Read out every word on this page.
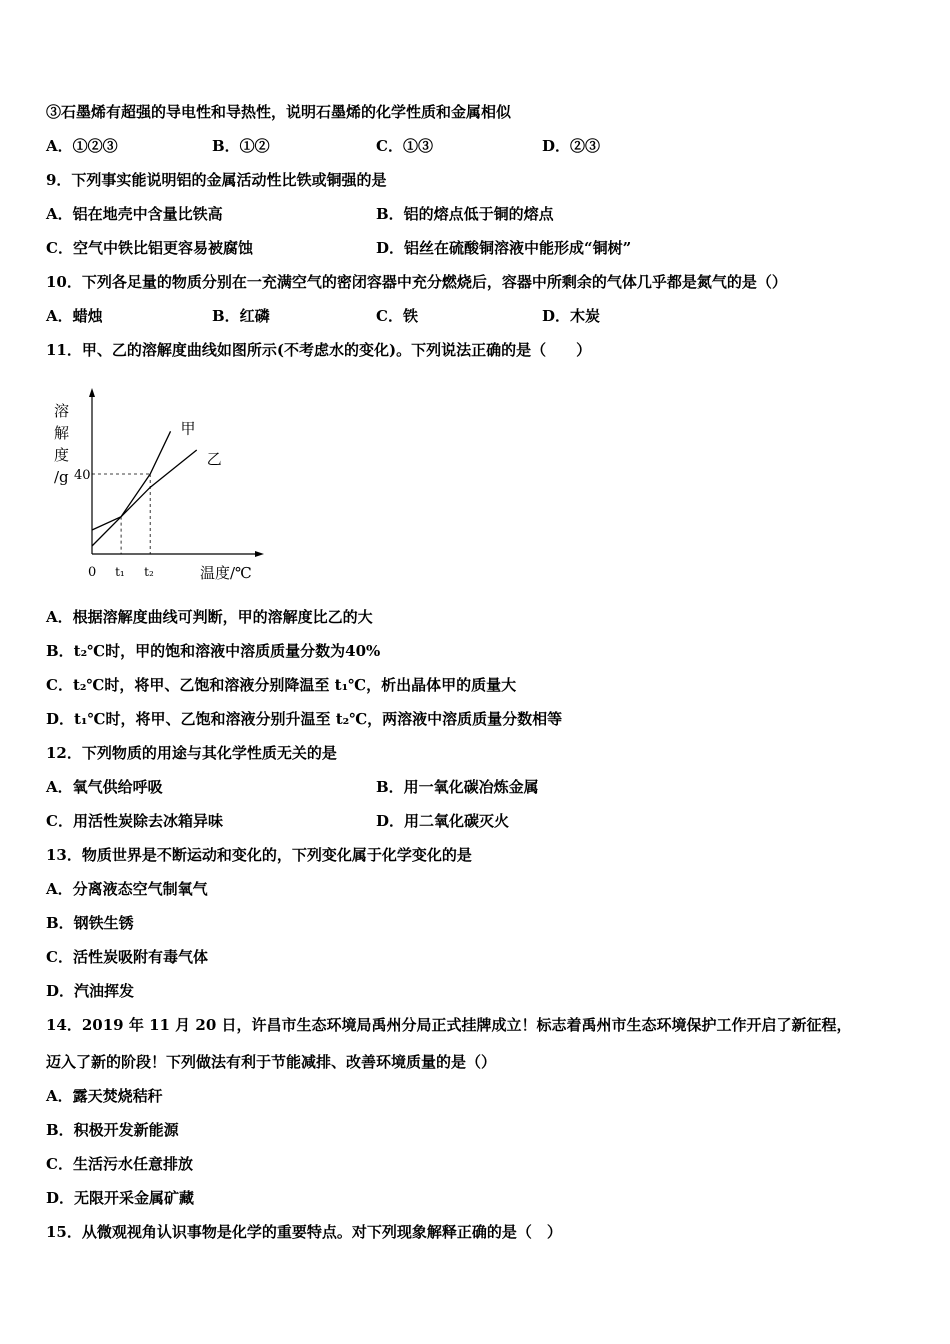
③石墨烯有超强的导电性和导热性，说明石墨烯的化学性质和金属相似
A．①②③	B．①②	C．①③	D．②③
9．下列事实能说明铝的金属活动性比铁或铜强的是
A．铝在地壳中含量比铁高	B．铝的熔点低于铜的熔点
C．空气中铁比铝更容易被腐蚀	D．铝丝在硫酸铜溶液中能形成“铜树”
10．下列各足量的物质分别在一充满空气的密闭容器中充分燃烧后，容器中所剩余的气体几乎都是氮气的是（）
A．蜡烛	B．红磷	C．铁	D．木炭
11．甲、乙的溶解度曲线如图所示(不考虑水的变化)。下列说法正确的是（　　）
甲
乙
40
t₁ t₂
0
溶
解
度
/g
温度/℃
A．根据溶解度曲线可判断，甲的溶解度比乙的大
B．t₂℃时，甲的饱和溶液中溶质质量分数为40%
C．t₂℃时，将甲、乙饱和溶液分别降温至 t₁℃，析出晶体甲的质量大
D．t₁℃时，将甲、乙饱和溶液分别升温至 t₂℃，两溶液中溶质质量分数相等
12．下列物质的用途与其化学性质无关的是
A．氧气供给呼吸	B．用一氧化碳冶炼金属
C．用活性炭除去冰箱异味	D．用二氧化碳灭火
13．物质世界是不断运动和变化的，下列变化属于化学变化的是
A．分离液态空气制氧气
B．钢铁生锈
C．活性炭吸附有毒气体
D．汽油挥发
14．2019 年 11 月 20 日，许昌市生态环境局禹州分局正式挂牌成立！标志着禹州市生态环境保护工作开启了新征程，
迈入了新的阶段！下列做法有利于节能减排、改善环境质量的是（）
A．露天焚烧秸秆
B．积极开发新能源
C．生活污水任意排放
D．无限开采金属矿藏
15．从微观视角认识事物是化学的重要特点。对下列现象解释正确的是（　）
